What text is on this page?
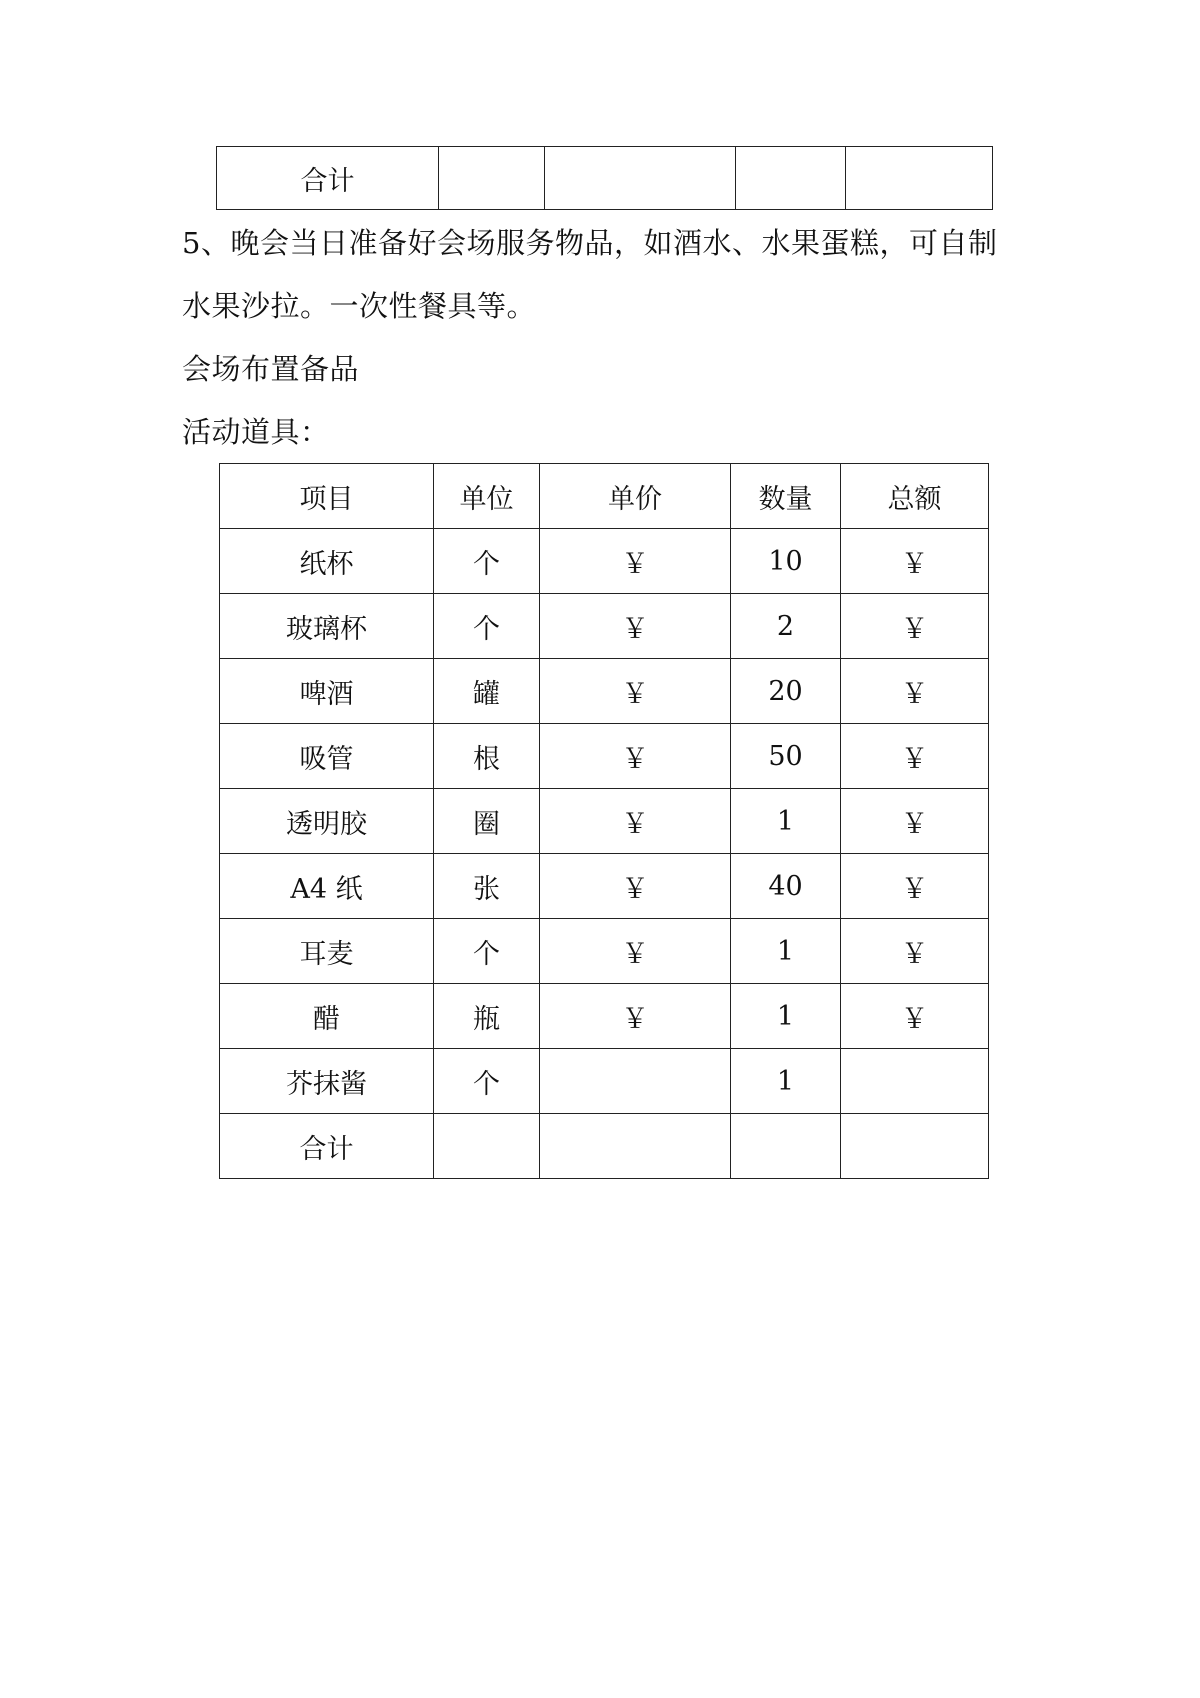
合计				
5、晚会当日准备好会场服务物品，如酒水、水果蛋糕，可自制
水果沙拉。一次性餐具等。
会场布置备品
活动道具：
项目	单位	单价	数量	总额
纸杯	个	￥	10	￥
玻璃杯	个	￥	2	￥
啤酒	罐	￥	20	￥
吸管	根	￥	50	￥
透明胶	圈	￥	1	￥
A4 纸	张	￥	40	￥
耳麦	个	￥	1	￥
醋	瓶	￥	1	￥
芥抹酱	个		1	
合计				
